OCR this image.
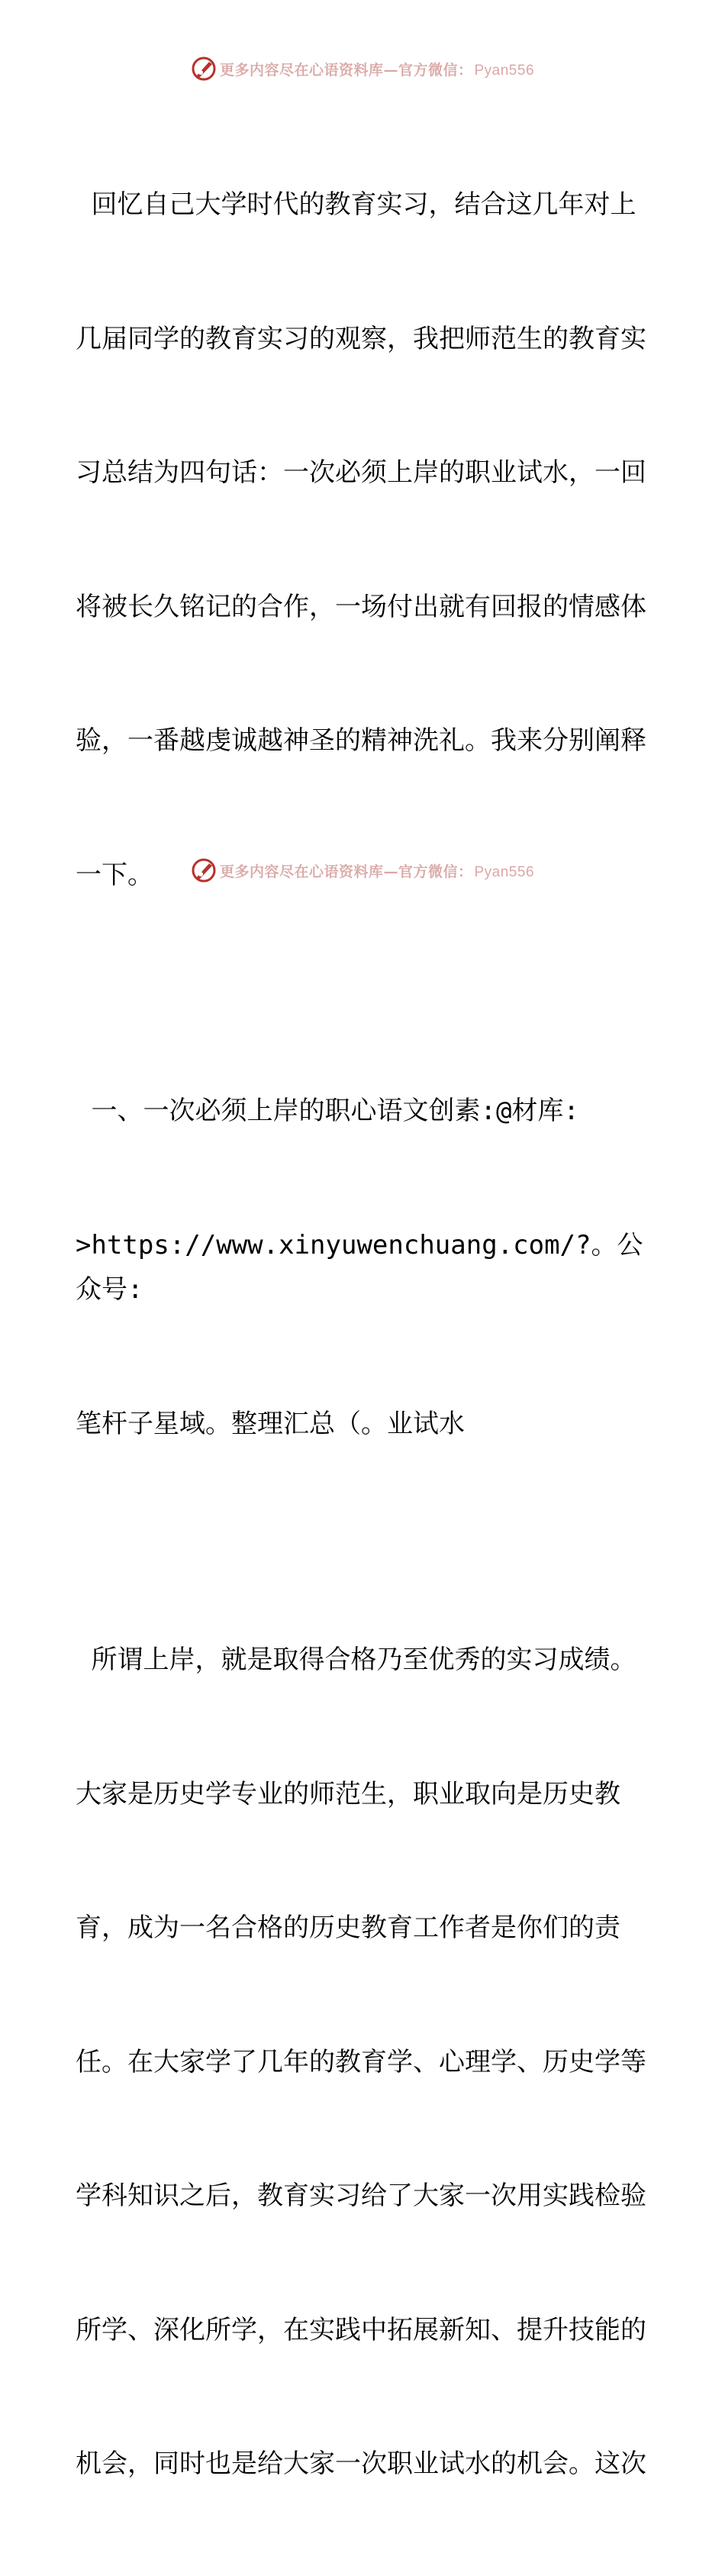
更多内容尽在心语资料库—官方微信： Pyan556

回忆自己大学时代的教育实习，结合这几年对上

几届同学的教育实习的观察，我把师范生的教育实

习总结为四句话：一次必须上岸的职业试水，一回

将被长久铭记的合作，一场付出就有回报的情感体

验，一番越虔诚越神圣的精神洗礼。我来分别阐释

一下。

一、一次必须上岸的职心语文创素:@材库:

>https://www.xinyuwenchuang.com/?。公众号:

笔杆子星域。整理汇总（。业试水

所谓上岸，就是取得合格乃至优秀的实习成绩。

大家是历史学专业的师范生，职业取向是历史教

育，成为一名合格的历史教育工作者是你们的责

任。在大家学了几年的教育学、心理学、历史学等

学科知识之后，教育实习给了大家一次用实践检验

所学、深化所学，在实践中拓展新知、提升技能的

机会，同时也是给大家一次职业试水的机会。这次

更多内容尽在心语资料库—官方微信： Pyan556
